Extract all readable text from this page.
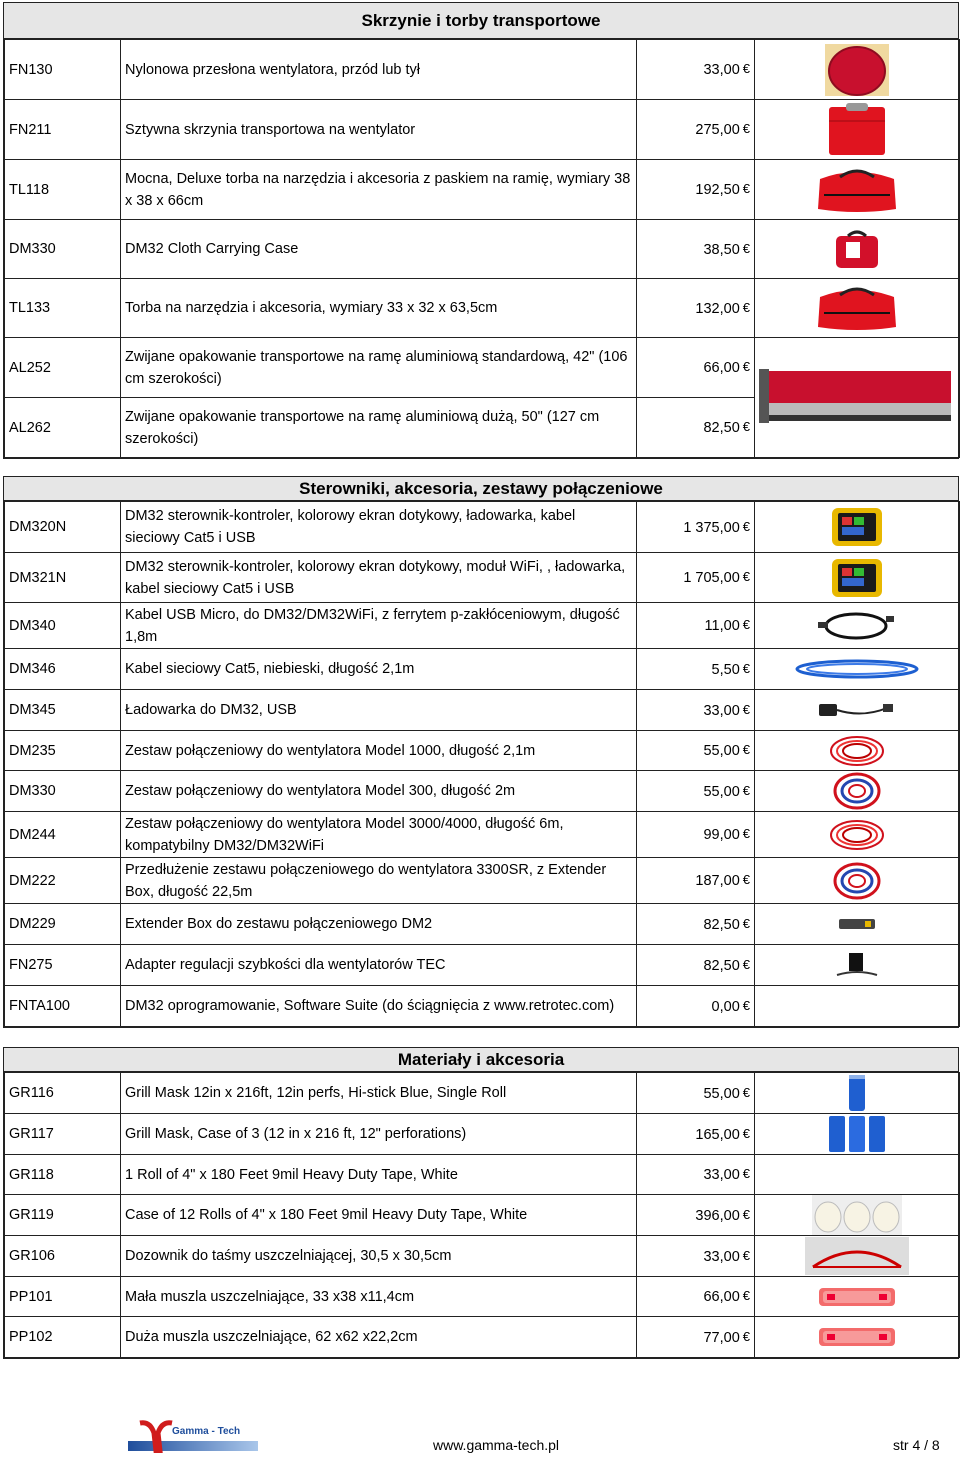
Skrzynie i torby transportowe
FN130	Nylonowa przesłona wentylatora, przód lub tył	33,00 €	

FN211	Sztywna skrzynia transportowa na wentylator	275,00 €	

TL118	Mocna, Deluxe torba na narzędzia i akcesoria z paskiem na ramię, wymiary 38 x 38 x 66cm	192,50 €	

DM330	DM32 Cloth Carrying Case	38,50 €	

TL133	Torba na narzędzia i akcesoria, wymiary 33 x 32 x 63,5cm	132,00 €	

AL252	Zwijane opakowanie transportowe na ramę aluminiową standardową, 42" (106 cm szerokości)	66,00 €	

AL262	Zwijane opakowanie transportowe na ramę aluminiową dużą, 50" (127 cm szerokości)	82,50 €	
Sterowniki, akcesoria, zestawy połączeniowe
DM320N	DM32 sterownik-kontroler, kolorowy ekran dotykowy, ładowarka, kabel sieciowy Cat5 i USB	1 375,00 €	

DM321N	DM32 sterownik-kontroler, kolorowy ekran dotykowy, moduł WiFi, , ładowarka, kabel sieciowy Cat5 i USB	1 705,00 €	

DM340	Kabel USB Micro, do DM32/DM32WiFi, z ferrytem p-zakłóceniowym, długość 1,8m	11,00 €	

DM346	Kabel sieciowy Cat5, niebieski, długość 2,1m	5,50 €	

DM345	Ładowarka do DM32, USB	33,00 €	

DM235	Zestaw połączeniowy do wentylatora Model 1000, długość 2,1m	55,00 €	

DM330	Zestaw połączeniowy do wentylatora Model 300, długość 2m	55,00 €	

DM244	Zestaw połączeniowy do wentylatora Model 3000/4000, długość 6m, kompatybilny DM32/DM32WiFi	99,00 €	

DM222	Przedłużenie zestawu połączeniowego do wentylatora 3300SR, z Extender Box, długość 22,5m	187,00 €	

DM229	Extender Box do zestawu połączeniowego DM2	82,50 €	

FN275	Adapter regulacji szybkości dla wentylatorów TEC	82,50 €	

FNTA100	DM32 oprogramowanie, Software Suite (do ściągnięcia z www.retrotec.com)	0,00 €	
Materiały i akcesoria
GR116	Grill Mask 12in x 216ft, 12in perfs, Hi-stick Blue, Single Roll	55,00 €	

GR117	Grill Mask, Case of 3 (12 in x 216 ft, 12" perforations)	165,00 €	

GR118	1 Roll of 4" x 180 Feet 9mil Heavy Duty Tape, White	33,00 €	
GR119	Case of 12 Rolls of 4" x 180 Feet 9mil Heavy Duty Tape, White	396,00 €	

GR106	Dozownik do taśmy uszczelniającej, 30,5 x 30,5cm	33,00 €	

PP101	Mała muszla uszczelniające, 33 x38 x11,4cm	66,00 €	

PP102	Duża muszla uszczelniające, 62 x62 x22,2cm	77,00 €	
Gamma - Tech
www.gamma-tech.pl	str 4 / 8
